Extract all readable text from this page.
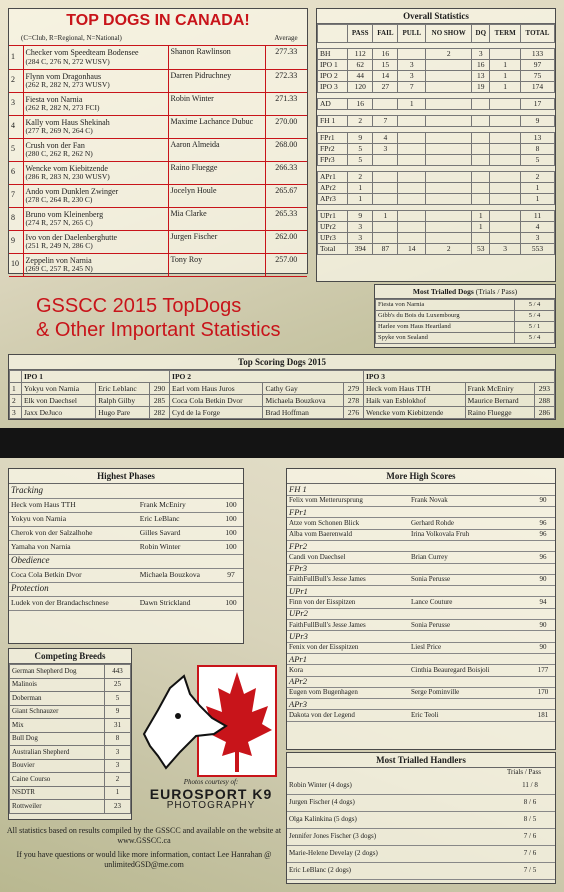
TOP DOGS IN CANADA!
(C=Club, R=Regional, N=National)	Average
1	Checker vom Speedteam Bodensee
(284 C, 276 N, 272 WUSV)	Shanon Rawlinson	277.33
2	Flynn vom Dragonhaus
(262 R, 282 N, 273 WUSV)	Darren Pidruchney	272.33
3	Fiesta von Narnia
(262 R, 282 N, 273 FCI)	Robin Winter	271.33
4	Kally vom Haus Shekinah
(277 R, 269 N, 264 C)	Maxime Lachance Dubuc	270.00
5	Crush von der Fan
(280 C, 262 R, 262 N)	Aaron Almeida	268.00
6	Wencke vom Kiebitzende
(286 R, 283 N, 230 WUSV)	Raino Fluegge	266.33
7	Ando vom Dunklen Zwinger
(278 C, 264 R, 230 C)	Jocelyn Houle	265.67
8	Bruno vom Kleinenberg
(274 R, 257 N, 265 C)	Mia Clarke	265.33
9	Ivo von der Daelenberghutte
(251 R, 249 N, 286 C)	Jurgen Fischer	262.00
10	Zeppelin von Narnia
(269 C, 257 R, 245 N)	Tony Roy	257.00
Overall Statistics
	PASS	FAIL	PULL	NO SHOW	DQ	TERM	TOTAL

BH	112	16		2	3		133
IPO 1	62	15	3		16	1	97
IPO 2	44	14	3		13	1	75
IPO 3	120	27	7		19	1	174

AD	16		1				17

FH 1	2	7					9

FPr1	9	4					13
FPr2	5	3					8
FPr3	5						5

APr1	2						2
APr2	1						1
APr3	1						1

UPr1	9	1			1		11
UPr2	3				1		4
UPr3	3						3
Total	394	87	14	2	53	3	553
Most Trialled Dogs (Trials / Pass)
Fiesta von Narnia	5 / 4
Gibb's du Bois du Luxembourg	5 / 4
Harlee vom Haus Heartland	5 / 1
Spyke von Sealand	5 / 4
GSSCC 2015 TopDogs
& Other Important Statistics
Top Scoring Dogs 2015
	IPO 1			IPO 2			IPO 3		
1	Yokyu von Narnia	Eric Leblanc	290	Earl vom Haus Juros	Cathy Gay	279	Heck vom Haus TTH	Frank McEniry	293
2	Elk von Daechsel	Ralph Gilby	285	Coca Cola Betkin Dvor	Michaela Bouzkova	278	Haik van Esblokhof	Maurice Bernard	288
3	Jaxx DeJuco	Hugo Pare	282	Cyd de la Forge	Brad Hoffman	276	Wencke vom Kiebitzende	Raino Fluegge	286
Highest Phases
Tracking		
Heck vom Haus TTH	Frank McEniry	100
Yokyu von Narnia	Eric LeBlanc	100
Cherok von der Salzalhohe	Gilles Savard	100
Yamaha von Narnia	Robin Winter	100
Obedience		
Coca Cola Betkin Dvor	Michaela Bouzkova	97
Protection		
Ludek von der Brandachschnese	Dawn Strickland	100
Competing Breeds
German Shepherd Dog	443
Malinois	25
Doberman	5
Giant Schnauzer	9
Mix	31
Bull Dog	8
Australian Shepherd	3
Bouvier	3
Caine Courso	2
NSDTR	1
Rottweiler	23
Photos courtesy of:
EUROSPORT K9
PHOTOGRAPHY
More High Scores
FH 1		
Felix vom Metterursprung	Frank Novak	90
FPr1		
Atze vom Schonen Blick	Gerhard Rohde	96
Alba vom Baerenwald	Irina Volkovala Fruh	96
FPr2		
Candi von Daechsel	Brian Currey	96
FPr3		
FaithFullBull's Jesse James	Sonia Perusse	90
UPr1		
Finn von der Eisspitzen	Lance Couture	94
UPr2		
FaithFullBull's Jesse James	Sonia Perusse	90
UPr3		
Fenix von der Eisspitzen	Liesl Price	90
APr1		
Kora	Cinthia Beauregard Boisjoli	177
APr2		
Eugen vom Bugenhagen	Serge Pominville	170
APr3		
Dakota von der Legend	Eric Teoli	181
Most Trialled Handlers
Trials / Pass
Robin Winter (4 dogs)	11 / 8
Jurgen Fischer (4 dogs)	8 / 6
Olga Kalinkina (5 dogs)	8 / 5
Jennifer Jones Fischer (3 dogs)	7 / 6
Marie-Helene Develay (2 dogs)	7 / 6
Eric LeBlanc (2 dogs)	7 / 5

All statistics based on results compiled by the GSSCC and available on the website at www.GSSCC.ca

If you have questions or would like more information, contact Lee Hanrahan @ unlimitedGSD@me.com
